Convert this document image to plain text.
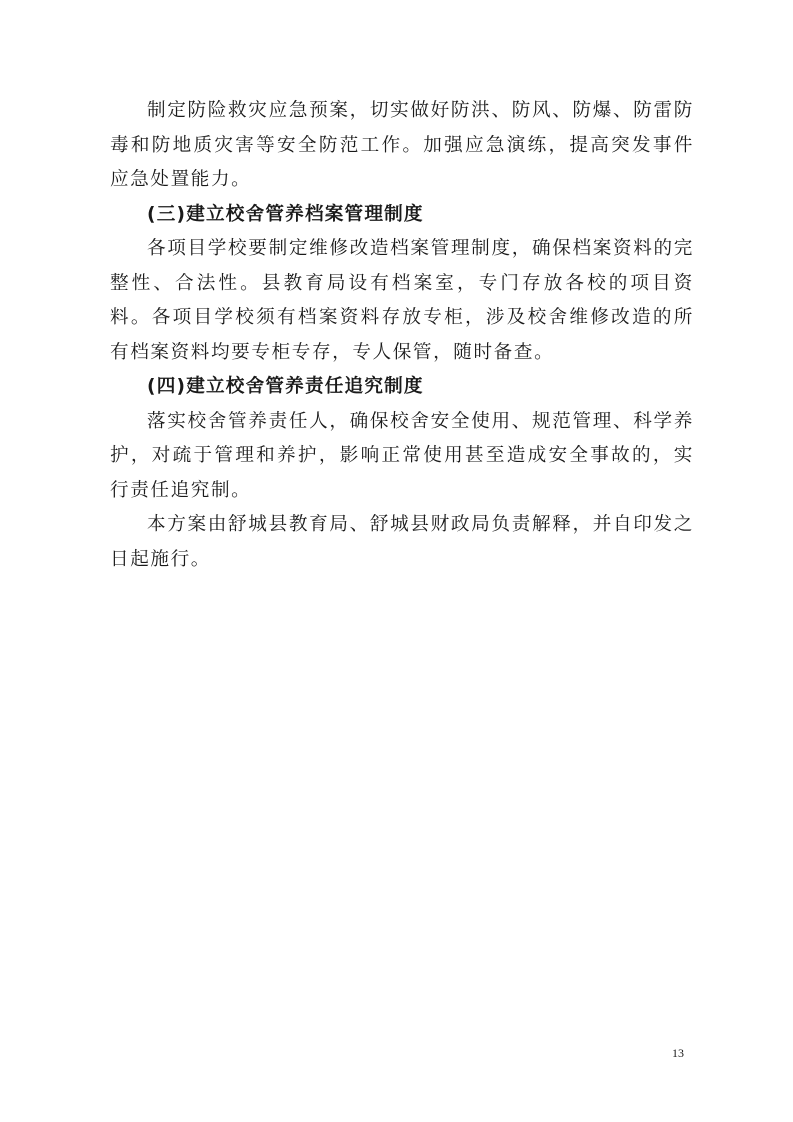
制定防险救灾应急预案，切实做好防洪、防风、防爆、防雷防毒和防地质灾害等安全防范工作。加强应急演练，提高突发事件应急处置能力。

(三)建立校舍管养档案管理制度

各项目学校要制定维修改造档案管理制度，确保档案资料的完整性、合法性。县教育局设有档案室，专门存放各校的项目资料。各项目学校须有档案资料存放专柜，涉及校舍维修改造的所有档案资料均要专柜专存，专人保管，随时备查。

(四)建立校舍管养责任追究制度

落实校舍管养责任人，确保校舍安全使用、规范管理、科学养护，对疏于管理和养护，影响正常使用甚至造成安全事故的，实行责任追究制。

本方案由舒城县教育局、舒城县财政局负责解释，并自印发之日起施行。

13
